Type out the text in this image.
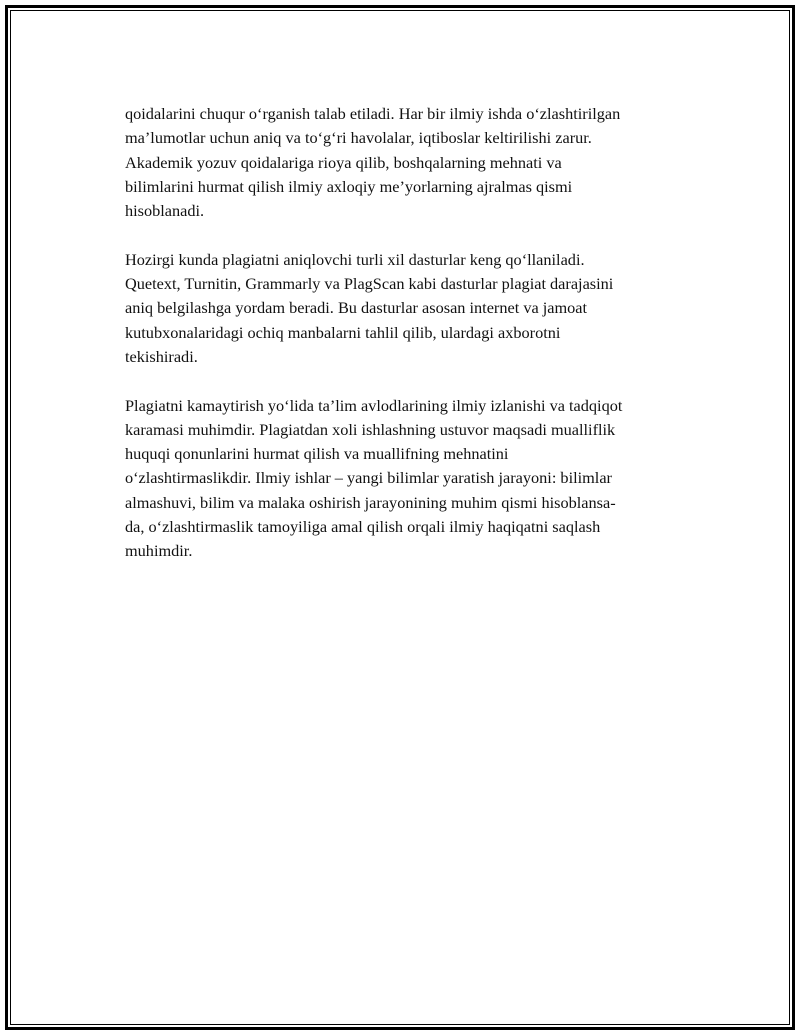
qoidalarini chuqur o‘rganish talab etiladi. Har bir ilmiy ishda o‘zlashtirilgan
ma’lumotlar uchun aniq va to‘g‘ri havolalar, iqtiboslar keltirilishi zarur.
Akademik yozuv qoidalariga rioya qilib, boshqalarning mehnati va
bilimlarini hurmat qilish ilmiy axloqiy me’yorlarning ajralmas qismi
hisoblanadi.

Hozirgi kunda plagiatni aniqlovchi turli xil dasturlar keng qo‘llaniladi.
Quetext, Turnitin, Grammarly va PlagScan kabi dasturlar plagiat darajasini
aniq belgilashga yordam beradi. Bu dasturlar asosan internet va jamoat
kutubxonalaridagi ochiq manbalarni tahlil qilib, ulardagi axborotni
tekishiradi.

Plagiatni kamaytirish yo‘lida ta’lim avlodlarining ilmiy izlanishi va tadqiqot
karamasi muhimdir. Plagiatdan xoli ishlashning ustuvor maqsadi mualliflik
huquqi qonunlarini hurmat qilish va muallifning mehnatini
o‘zlashtirmaslikdir. Ilmiy ishlar – yangi bilimlar yaratish jarayoni: bilimlar
almashuvi, bilim va malaka oshirish jarayonining muhim qismi hisoblansa-
da, o‘zlashtirmaslik tamoyiliga amal qilish orqali ilmiy haqiqatni saqlash
muhimdir.
